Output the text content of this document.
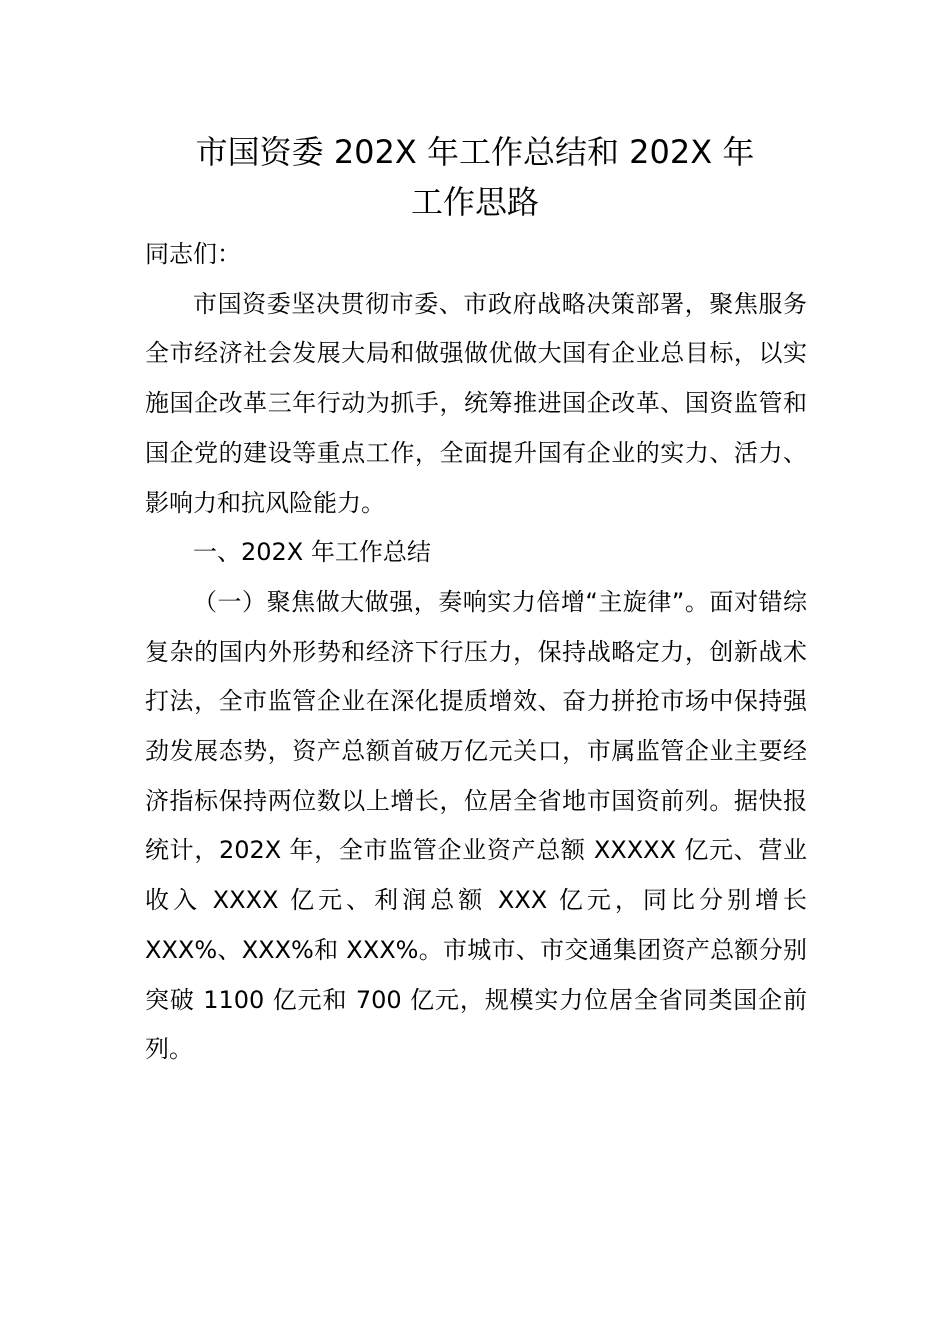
市国资委 202X 年工作总结和 202X 年
工作思路

同志们：

市国资委坚决贯彻市委、市政府战略决策部署，聚焦服务全市经济社会发展大局和做强做优做大国有企业总目标，以实施国企改革三年行动为抓手，统筹推进国企改革、国资监管和国企党的建设等重点工作，全面提升国有企业的实力、活力、影响力和抗风险能力。

一、202X 年工作总结

（一）聚焦做大做强，奏响实力倍增“主旋律”。面对错综复杂的国内外形势和经济下行压力，保持战略定力，创新战术打法，全市监管企业在深化提质增效、奋力拼抢市场中保持强劲发展态势，资产总额首破万亿元关口，市属监管企业主要经济指标保持两位数以上增长，位居全省地市国资前列。据快报统计，202X 年，全市监管企业资产总额 XXXXX 亿元、营业收入 XXXX 亿元、利润总额 XXX 亿元，同比分别增长 XXX%、XXX%和 XXX%。市城市、市交通集团资产总额分别突破 1100 亿元和 700 亿元，规模实力位居全省同类国企前列。
